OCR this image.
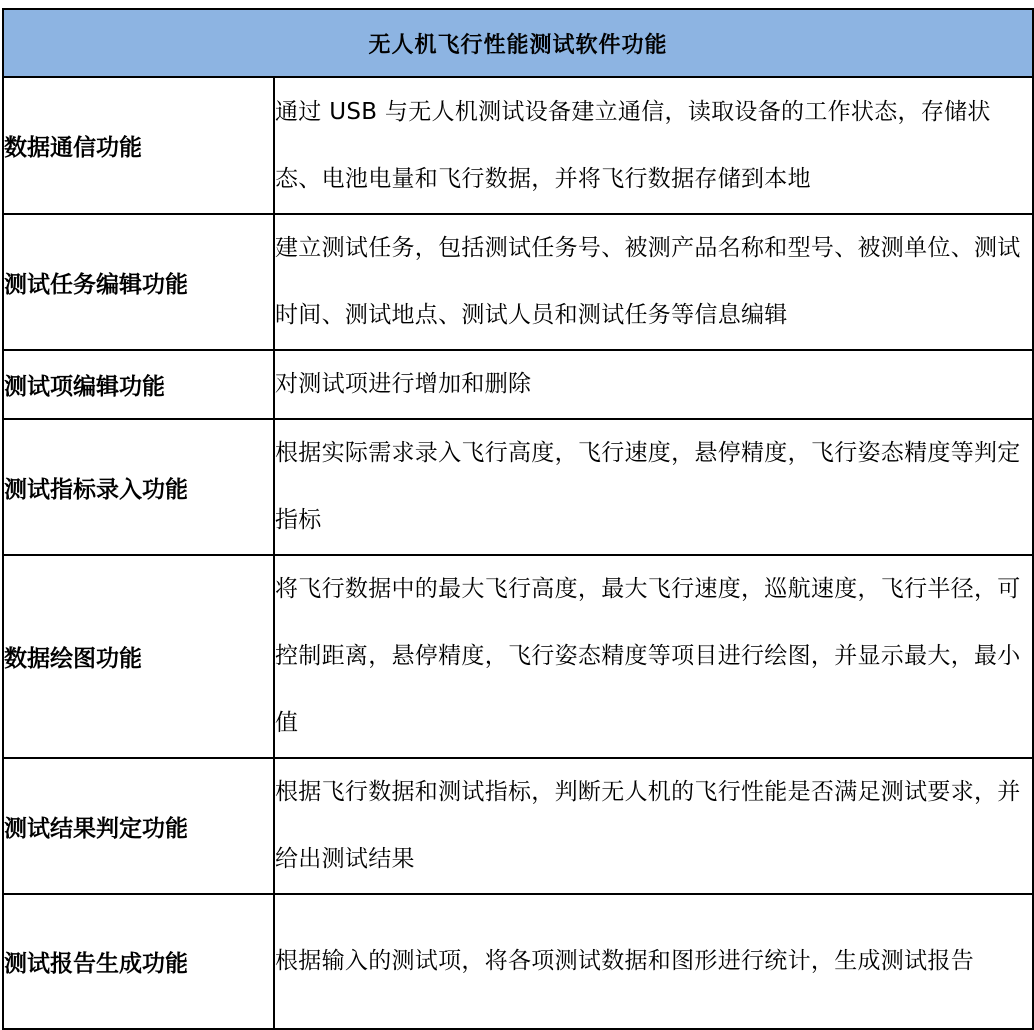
无人机飞行性能测试软件功能	
数据通信功能	通过 USB 与无人机测试设备建立通信，读取设备的工作状态，存储状态、电池电量和飞行数据，并将飞行数据存储到本地

测试任务编辑功能	建立测试任务，包括测试任务号、被测产品名称和型号、被测单位、测试时间、测试地点、测试人员和测试任务等信息编辑

测试项编辑功能	对测试项进行增加和删除

测试指标录入功能	根据实际需求录入飞行高度，飞行速度，悬停精度，飞行姿态精度等判定指标

数据绘图功能	将飞行数据中的最大飞行高度，最大飞行速度，巡航速度，飞行半径，可控制距离，悬停精度，飞行姿态精度等项目进行绘图，并显示最大，最小值

测试结果判定功能	根据飞行数据和测试指标，判断无人机的飞行性能是否满足测试要求，并给出测试结果

测试报告生成功能	根据输入的测试项，将各项测试数据和图形进行统计，生成测试报告
